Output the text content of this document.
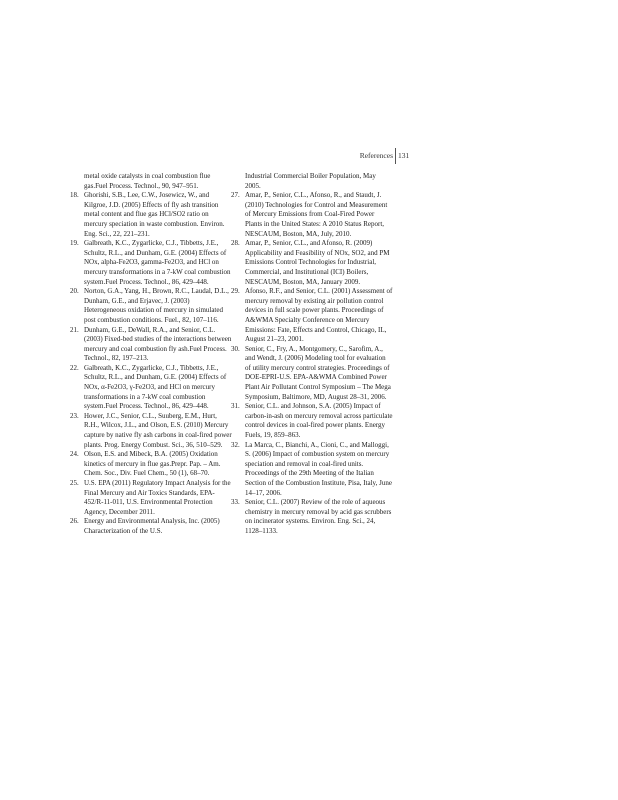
References 131
metal oxide catalysts in coal combustion flue gas.Fuel Process. Technol., 90, 947–951.
18. Ghorishi, S.B., Lee, C.W., Josewicz, W., and Kilgroe, J.D. (2005) Effects of fly ash transition metal content and flue gas HCl/SO2 ratio on mercury speciation in waste combustion. Environ. Eng. Sci., 22, 221–231.
19. Galbreath, K.C., Zygarlicke, C.J., Tibbetts, J.E., Schultz, R.L., and Dunham, G.E. (2004) Effects of NOx, alpha-Fe2O3, gamma-Fe2O3, and HCl on mercury transformations in a 7-kW coal combustion system.Fuel Process. Technol., 86, 429–448.
20. Norton, G.A., Yang, H., Brown, R.C., Laudal, D.L., Dunham, G.E., and Erjavec, J. (2003) Heterogeneous oxidation of mercury in simulated post combustion conditions. Fuel., 82, 107–116.
21. Dunham, G.E., DeWall, R.A., and Senior, C.L. (2003) Fixed-bed studies of the interactions between mercury and coal combustion fly ash.Fuel Process. Technol., 82, 197–213.
22. Galbreath, K.C., Zygarlicke, C.J., Tibbetts, J.E., Schultz, R.L., and Dunham, G.E. (2004) Effects of NOx, α-Fe2O3, γ-Fe2O3, and HCl on mercury transformations in a 7-kW coal combustion system.Fuel Process. Technol., 86, 429–448.
23. Hower, J.C., Senior, C.L., Suuberg, E.M., Hurt, R.H., Wilcox, J.L., and Olson, E.S. (2010) Mercury capture by native fly ash carbons in coal-fired power plants. Prog. Energy Combust. Sci., 36, 510–529.
24. Olson, E.S. and Mibeck, B.A. (2005) Oxidation kinetics of mercury in flue gas.Prepr. Pap. – Am. Chem. Soc., Div. Fuel Chem., 50 (1), 68–70.
25. U.S. EPA (2011) Regulatory Impact Analysis for the Final Mercury and Air Toxics Standards, EPA-452/R-11-011, U.S. Environmental Protection Agency, December 2011.
26. Energy and Environmental Analysis, Inc. (2005) Characterization of the U.S.
Industrial Commercial Boiler Population, May 2005.
27. Amar, P., Senior, C.L., Afonso, R., and Staudt, J. (2010) Technologies for Control and Measurement of Mercury Emissions from Coal-Fired Power Plants in the United States: A 2010 Status Report, NESCAUM, Boston, MA, July, 2010.
28. Amar, P., Senior, C.L., and Afonso, R. (2009) Applicability and Feasibility of NOx, SO2, and PM Emissions Control Technologies for Industrial, Commercial, and Institutional (ICI) Boilers, NESCAUM, Boston, MA, January 2009.
29. Afonso, R.F., and Senior, C.L. (2001) Assessment of mercury removal by existing air pollution control devices in full scale power plants. Proceedings of A&WMA Specialty Conference on Mercury Emissions: Fate, Effects and Control, Chicago, IL, August 21–23, 2001.
30. Senior, C., Fry, A., Montgomery, C., Sarofim, A., and Wendt, J. (2006) Modeling tool for evaluation of utility mercury control strategies. Proceedings of DOE-EPRI-U.S. EPA-A&WMA Combined Power Plant Air Pollutant Control Symposium – The Mega Symposium, Baltimore, MD, August 28–31, 2006.
31. Senior, C.L. and Johnson, S.A. (2005) Impact of carbon-in-ash on mercury removal across particulate control devices in coal-fired power plants. Energy Fuels, 19, 859–863.
32. La Marca, C., Bianchi, A., Cioni, C., and Malloggi, S. (2006) Impact of combustion system on mercury speciation and removal in coal-fired units. Proceedings of the 29th Meeting of the Italian Section of the Combustion Institute, Pisa, Italy, June 14–17, 2006.
33. Senior, C.L. (2007) Review of the role of aqueous chemistry in mercury removal by acid gas scrubbers on incinerator systems. Environ. Eng. Sci., 24, 1128–1133.
